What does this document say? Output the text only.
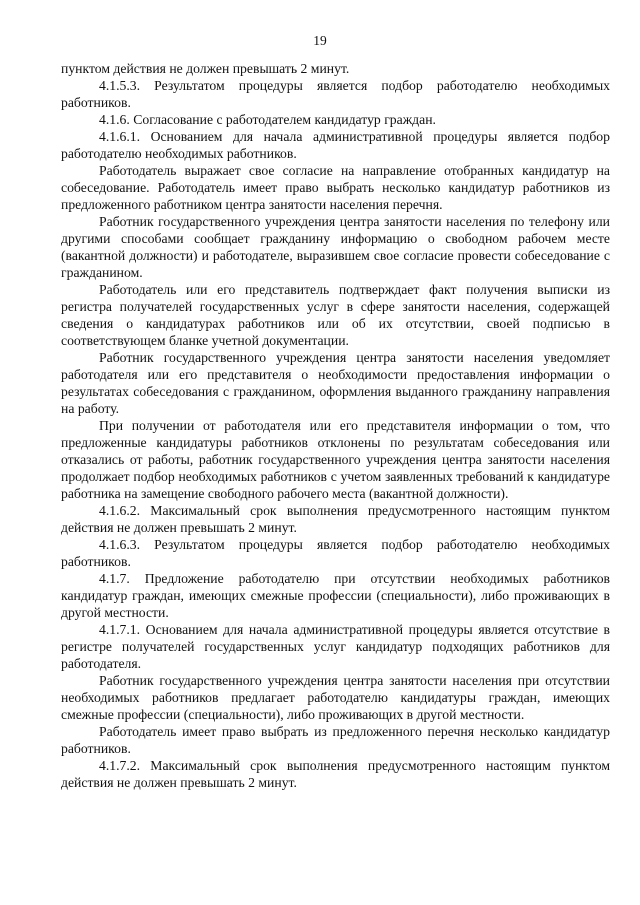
19

пунктом действия не должен превышать 2 минут.

4.1.5.3. Результатом процедуры является подбор работодателю необходимых работников.

4.1.6. Согласование с работодателем кандидатур граждан.

4.1.6.1. Основанием для начала административной процедуры является подбор работодателю необходимых работников.

Работодатель выражает свое согласие на направление отобранных кандидатур на собеседование. Работодатель имеет право выбрать несколько кандидатур работников из предложенного работником центра занятости населения перечня.

Работник государственного учреждения центра занятости населения по телефону или другими способами сообщает гражданину информацию о свободном рабочем месте (вакантной должности) и работодателе, выразившем свое согласие провести собеседование с гражданином.

Работодатель или его представитель подтверждает факт получения выписки из регистра получателей государственных услуг в сфере занятости населения, содержащей сведения о кандидатурах работников или об их отсутствии, своей подписью в соответствующем бланке учетной документации.

Работник государственного учреждения центра занятости населения уведомляет работодателя или его представителя о необходимости предоставления информации о результатах собеседования с гражданином, оформления выданного гражданину направления на работу.

При получении от работодателя или его представителя информации о том, что предложенные кандидатуры работников отклонены по результатам собеседования или отказались от работы, работник государственного учреждения центра занятости населения продолжает подбор необходимых работников с учетом заявленных требований к кандидатуре работника на замещение свободного рабочего места (вакантной должности).

4.1.6.2. Максимальный срок выполнения предусмотренного настоящим пунктом действия не должен превышать 2 минут.

4.1.6.3. Результатом процедуры является подбор работодателю необходимых работников.

4.1.7. Предложение работодателю при отсутствии необходимых работников кандидатур граждан, имеющих смежные профессии (специальности), либо проживающих в другой местности.

4.1.7.1. Основанием для начала административной процедуры является отсутствие в регистре получателей государственных услуг кандидатур подходящих работников для работодателя.

Работник государственного учреждения центра занятости населения при отсутствии необходимых работников предлагает работодателю кандидатуры граждан, имеющих смежные профессии (специальности), либо проживающих в другой местности.

Работодатель имеет право выбрать из предложенного перечня несколько кандидатур работников.

4.1.7.2. Максимальный срок выполнения предусмотренного настоящим пунктом действия не должен превышать 2 минут.
